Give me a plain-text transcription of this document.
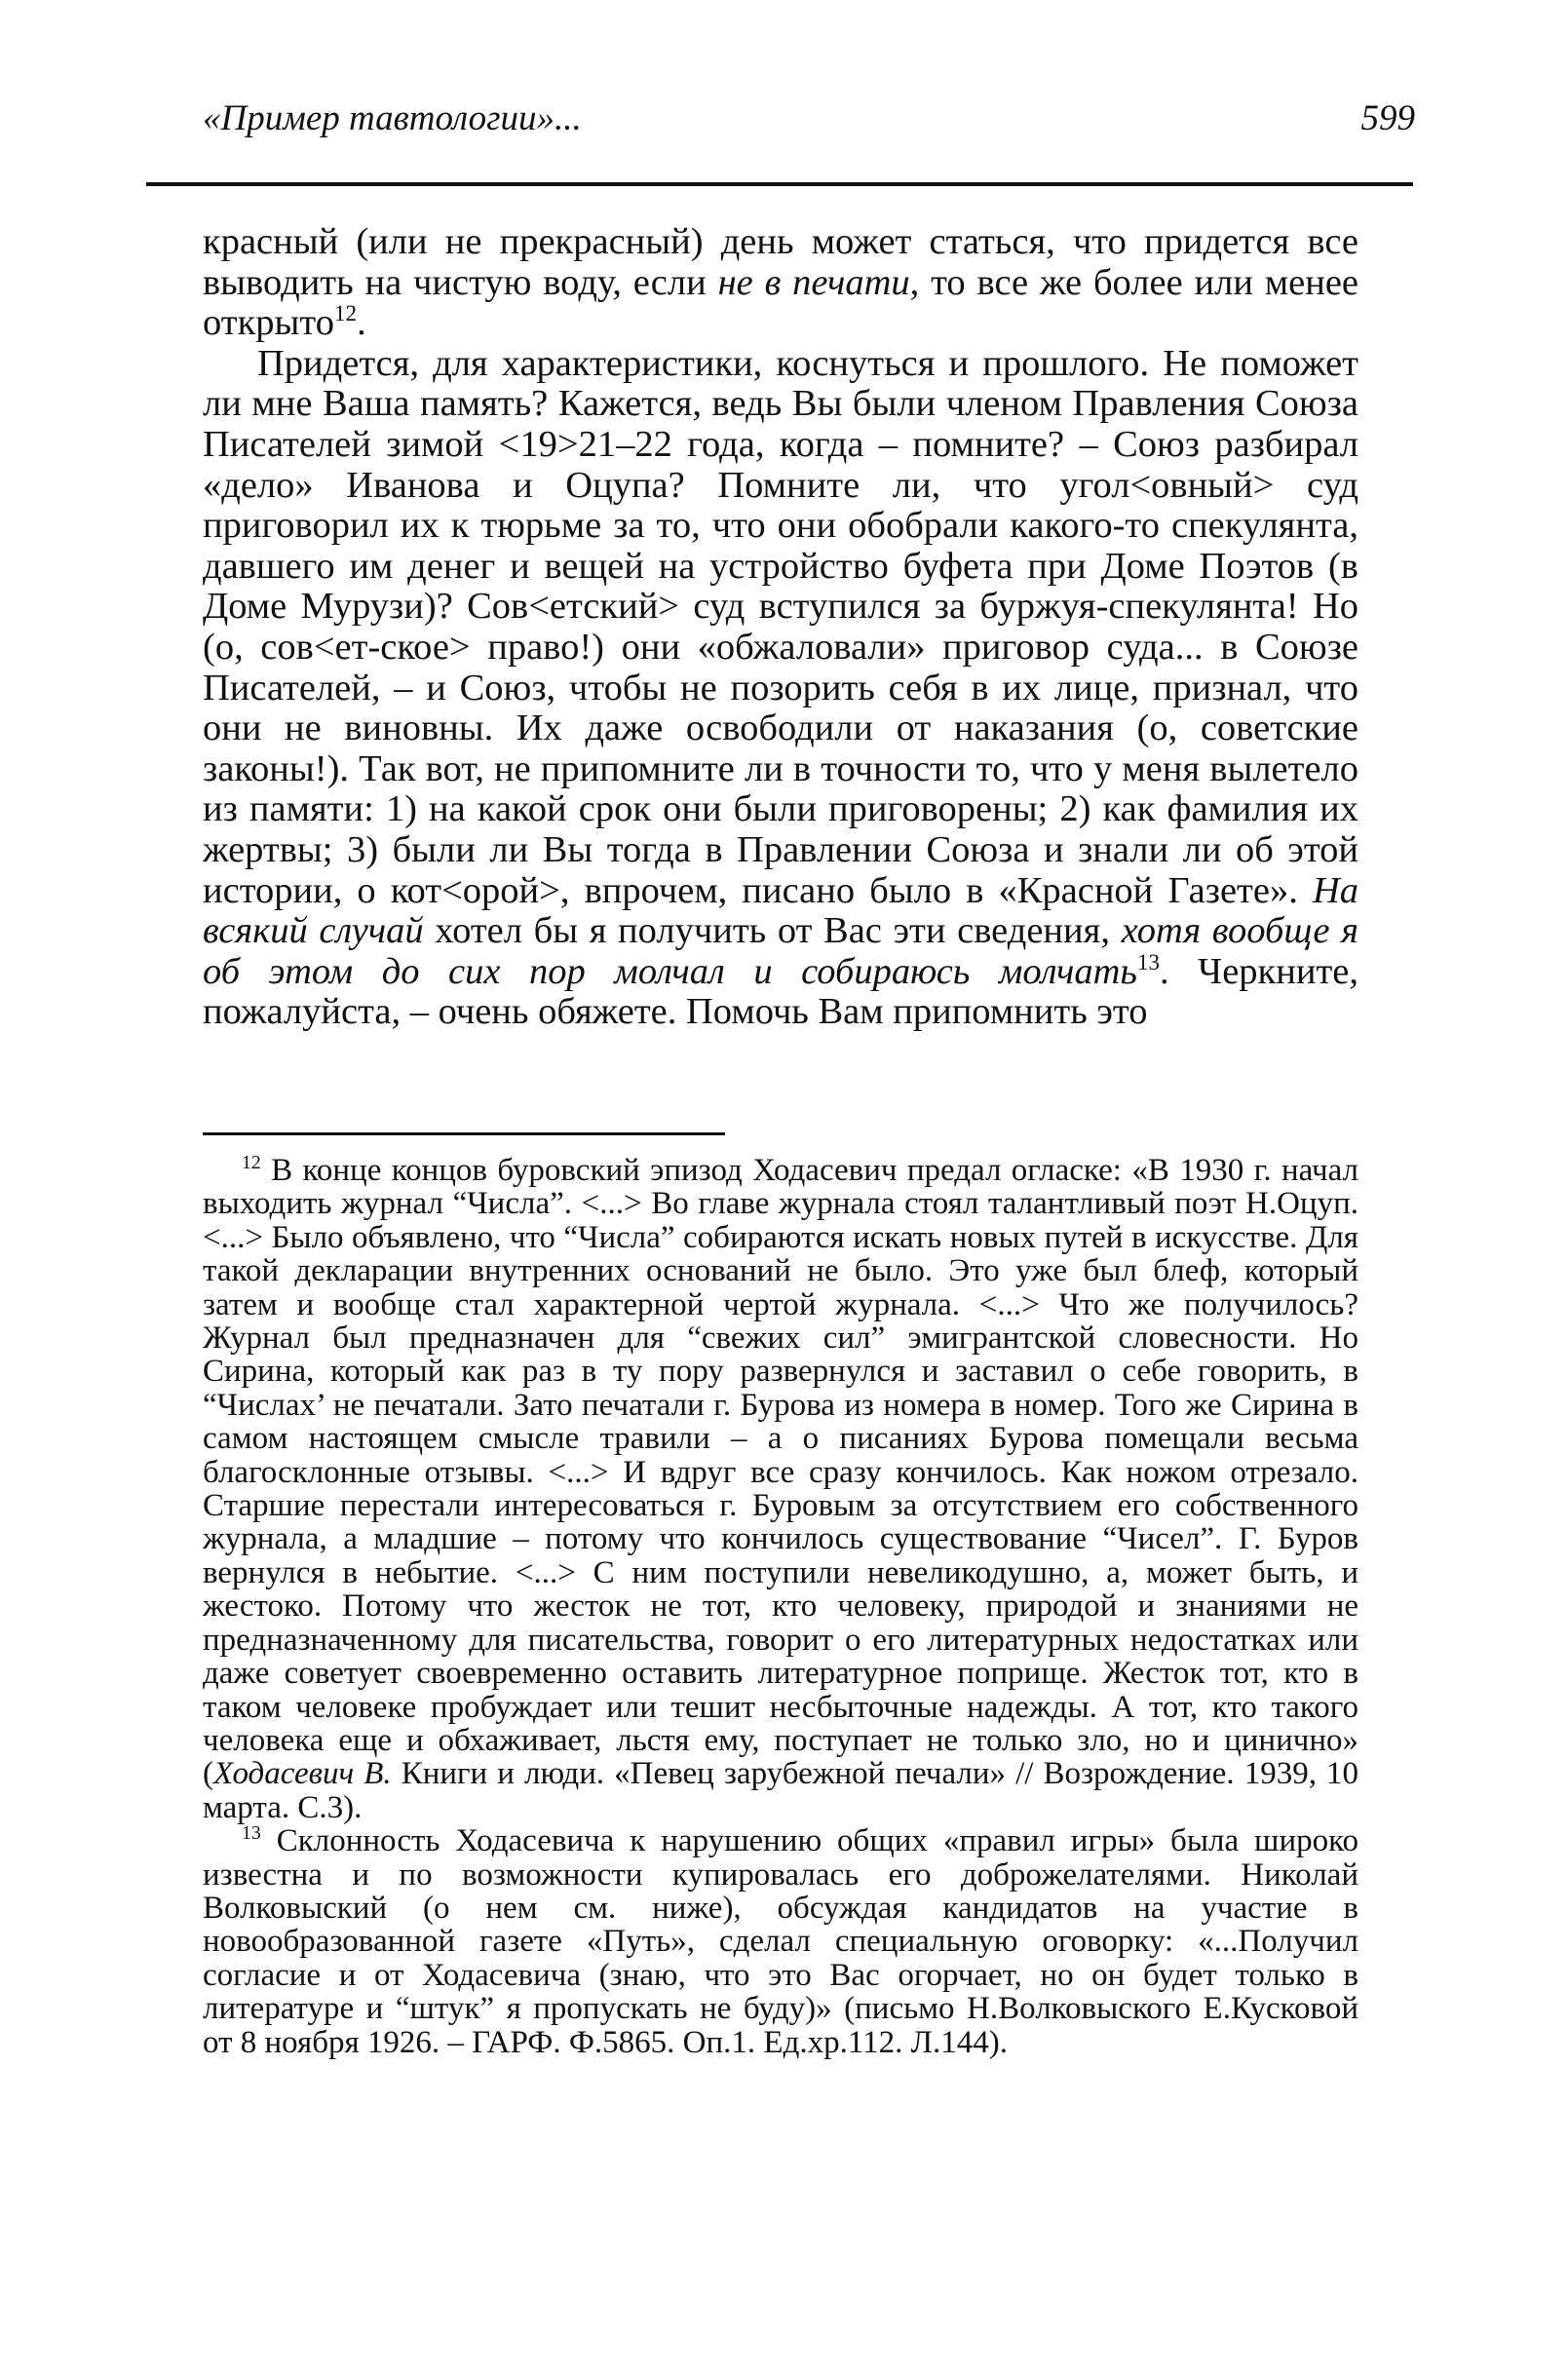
«Пример тавтологии»...	599

красный (или не прекрасный) день может статься, что придется все выводить на чистую воду, если не в печати, то все же более или менее открыто$^{12}$.

Придется, для характеристики, коснуться и прошлого. Не поможет ли мне Ваша память? Кажется, ведь Вы были членом Правления Союза Писателей зимой <19>21–22 года, когда – помните? – Союз разбирал «дело» Иванова и Оцупа? Помните ли, что угол<овный> суд приговорил их к тюрьме за то, что они обобрали какого-то спекулянта, давшего им денег и вещей на устройство буфета при Доме Поэтов (в Доме Мурузи)? Сов<етский> суд вступился за буржуя-спекулянта! Но (о, сов<ет-ское> право!) они «обжаловали» приговор суда... в Союзе Писателей, – и Союз, чтобы не позорить себя в их лице, признал, что они не виновны. Их даже освободили от наказания (о, советские законы!). Так вот, не припомните ли в точности то, что у меня вылетело из памяти: 1) на какой срок они были приговорены; 2) как фамилия их жертвы; 3) были ли Вы тогда в Правлении Союза и знали ли об этой истории, о кот<орой>, впрочем, писано было в «Красной Газете». На всякий случай хотел бы я получить от Вас эти сведения, хотя вообще я об этом до сих пор молчал и собираюсь молчать$^{13}$. Черкните, пожалуйста, – очень обяжете. Помочь Вам припомнить это

$^{12}$ В конце концов буровский эпизод Ходасевич предал огласке: «В 1930 г. начал выходить журнал “Числа”. <...> Во главе журнала стоял талантливый поэт Н.Оцуп. <...> Было объявлено, что “Числа” собираются искать новых путей в искусстве. Для такой декларации внутренних оснований не было. Это уже был блеф, который затем и вообще стал характерной чертой журнала. <...> Что же получилось? Журнал был предназначен для “свежих сил” эмигрантской словесности. Но Сирина, который как раз в ту пору развернулся и заставил о себе говорить, в “Числах’ не печатали. Зато печатали г. Бурова из номера в номер. Того же Сирина в самом настоящем смысле травили – а о писаниях Бурова помещали весьма благосклонные отзывы. <...> И вдруг все сразу кончилось. Как ножом отрезало. Старшие перестали интересоваться г. Буровым за отсутствием его собственного журнала, а младшие – потому что кончилось существование “Чисел”. Г. Буров вернулся в небытие. <...> С ним поступили невеликодушно, а, может быть, и жестоко. Потому что жесток не тот, кто человеку, природой и знаниями не предназначенному для писательства, говорит о его литературных недостатках или даже советует своевременно оставить литературное поприще. Жесток тот, кто в таком человеке пробуждает или тешит несбыточные надежды. А тот, кто такого человека еще и обхаживает, льстя ему, поступает не только зло, но и цинично» (Ходасевич В. Книги и люди. «Певец зарубежной печали» // Возрождение. 1939, 10 марта. С.3).

$^{13}$ Склонность Ходасевича к нарушению общих «правил игры» была широко известна и по возможности купировалась его доброжелателями. Николай Волковыский (о нем см. ниже), обсуждая кандидатов на участие в новообразованной газете «Путь», сделал специальную оговорку: «...Получил согласие и от Ходасевича (знаю, что это Вас огорчает, но он будет только в литературе и “штук” я пропускать не буду)» (письмо Н.Волковыского Е.Кусковой от 8 ноября 1926. – ГАРФ. Ф.5865. Оп.1. Ед.хр.112. Л.144).
